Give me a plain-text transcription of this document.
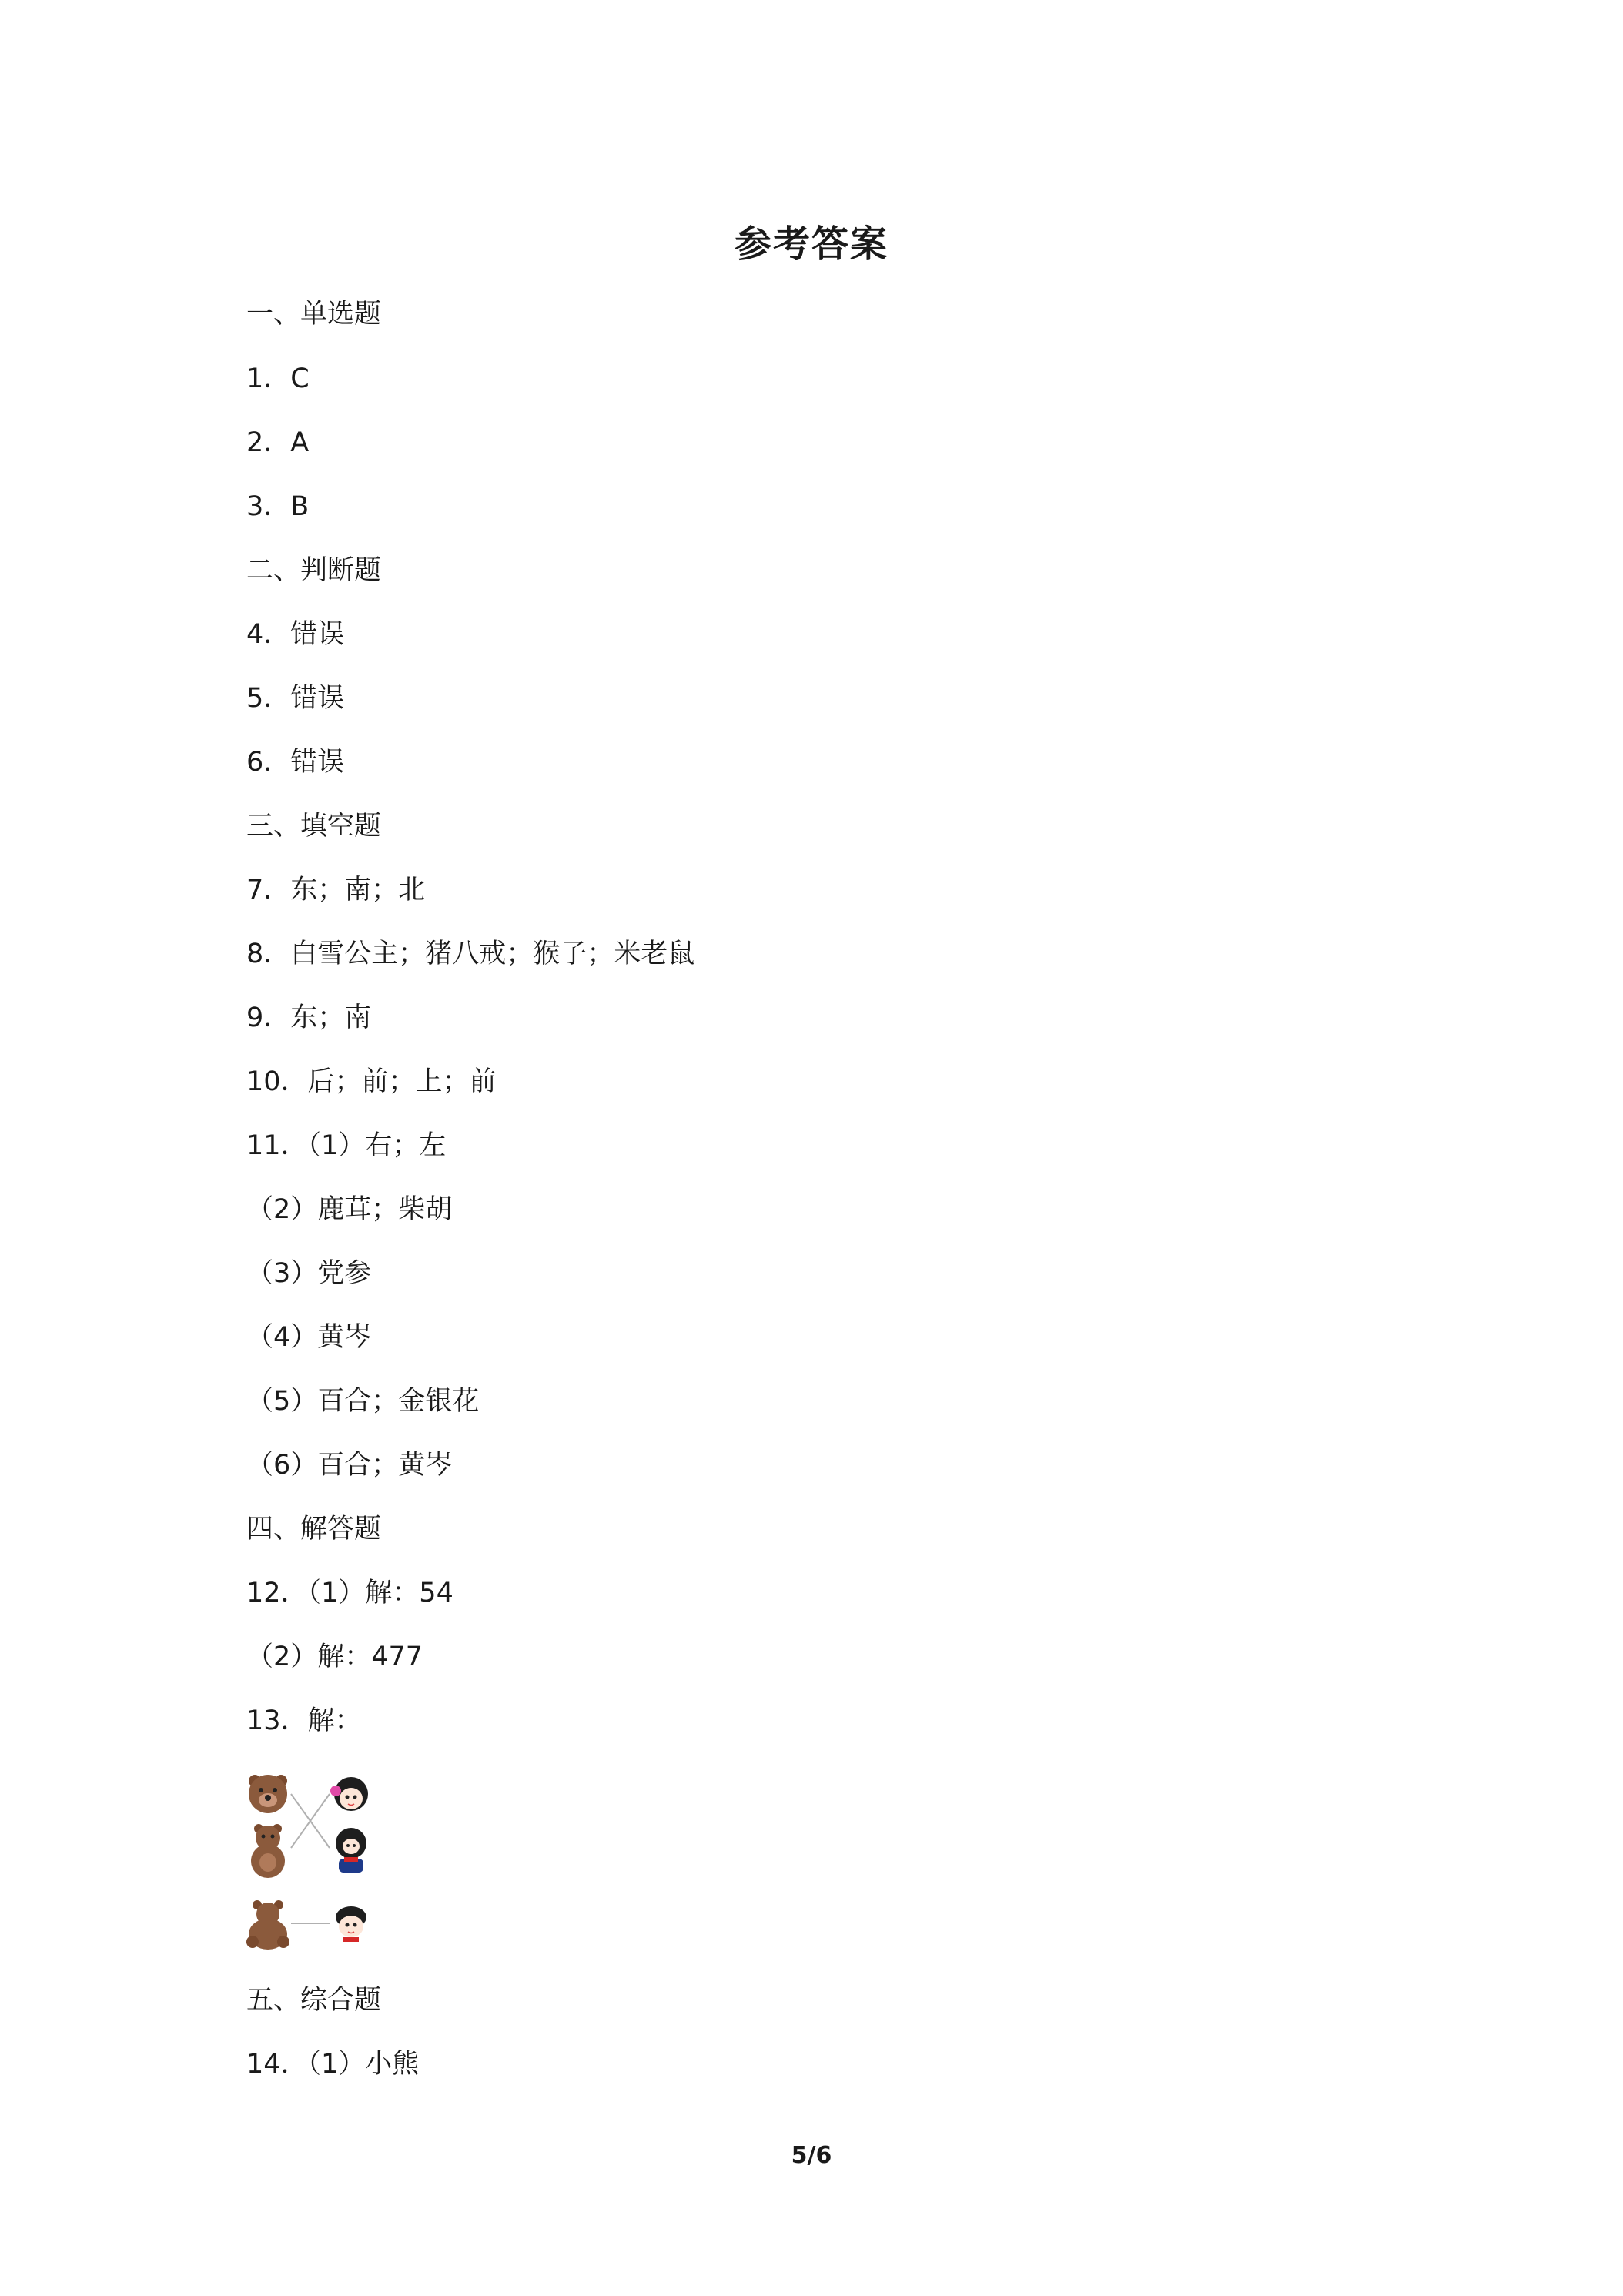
参考答案
一、单选题
1．C
2．A
3．B
二、判断题
4．错误
5．错误
6．错误
三、填空题
7．东；南；北
8．白雪公主；猪八戒；猴子；米老鼠
9．东；南
10．后；前；上；前
11．（1）右；左
（2）鹿茸；柴胡
（3）党参
（4）黄岑
（5）百合；金银花
（6）百合；黄岑
四、解答题
12．（1）解：54
（2）解：477
13．解：
五、综合题
14．（1）小熊
5/6
